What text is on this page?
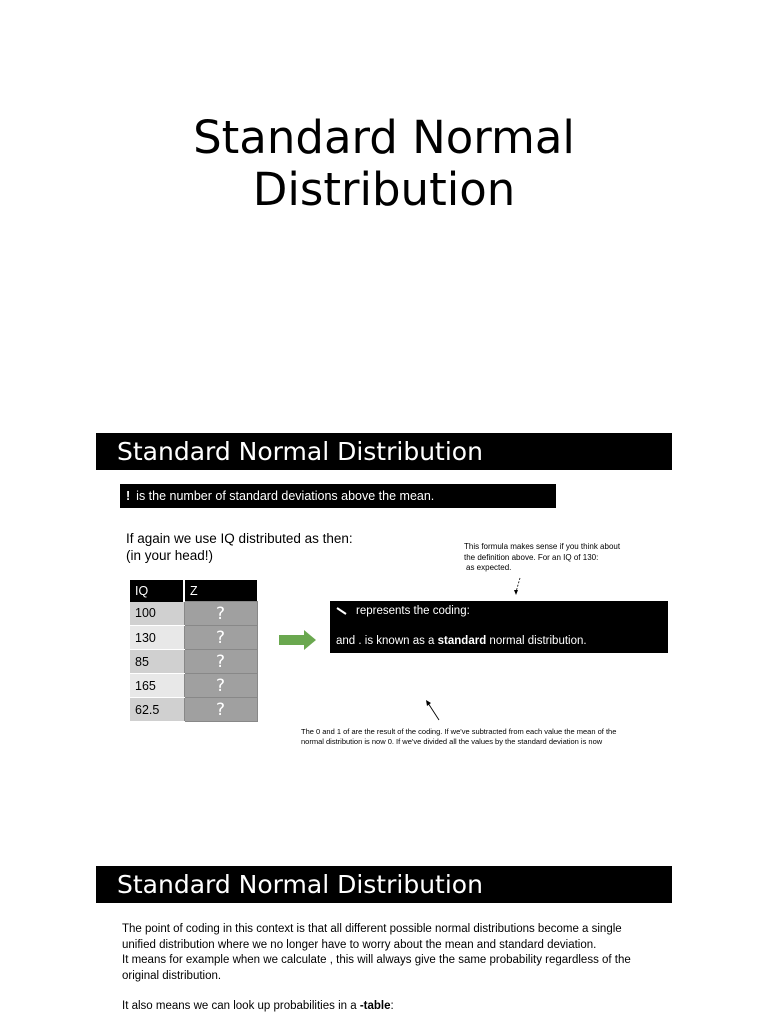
Standard Normal
Distribution
Standard Normal Distribution
! is the number of standard deviations above the mean.
If again we use IQ distributed as then:
(in your head!)
This formula makes sense if you think about
the definition above. For an IQ of 130:
as expected.
IQ	Z
100	?
130	?
85	?
165	?
62.5	?
represents the coding:
and . is known as a standard normal distribution.
The 0 and 1 of are the result of the coding. If we've subtracted from each value the mean of the normal distribution is now 0. If we've divided all the values by the standard deviation is now
Standard Normal Distribution

The point of coding in this context is that all different possible normal distributions become a single unified distribution where we no longer have to worry about the mean and standard deviation.

It means for example when we calculate , this will always give the same probability regardless of the original distribution.

It also means we can look up probabilities in a -table:
